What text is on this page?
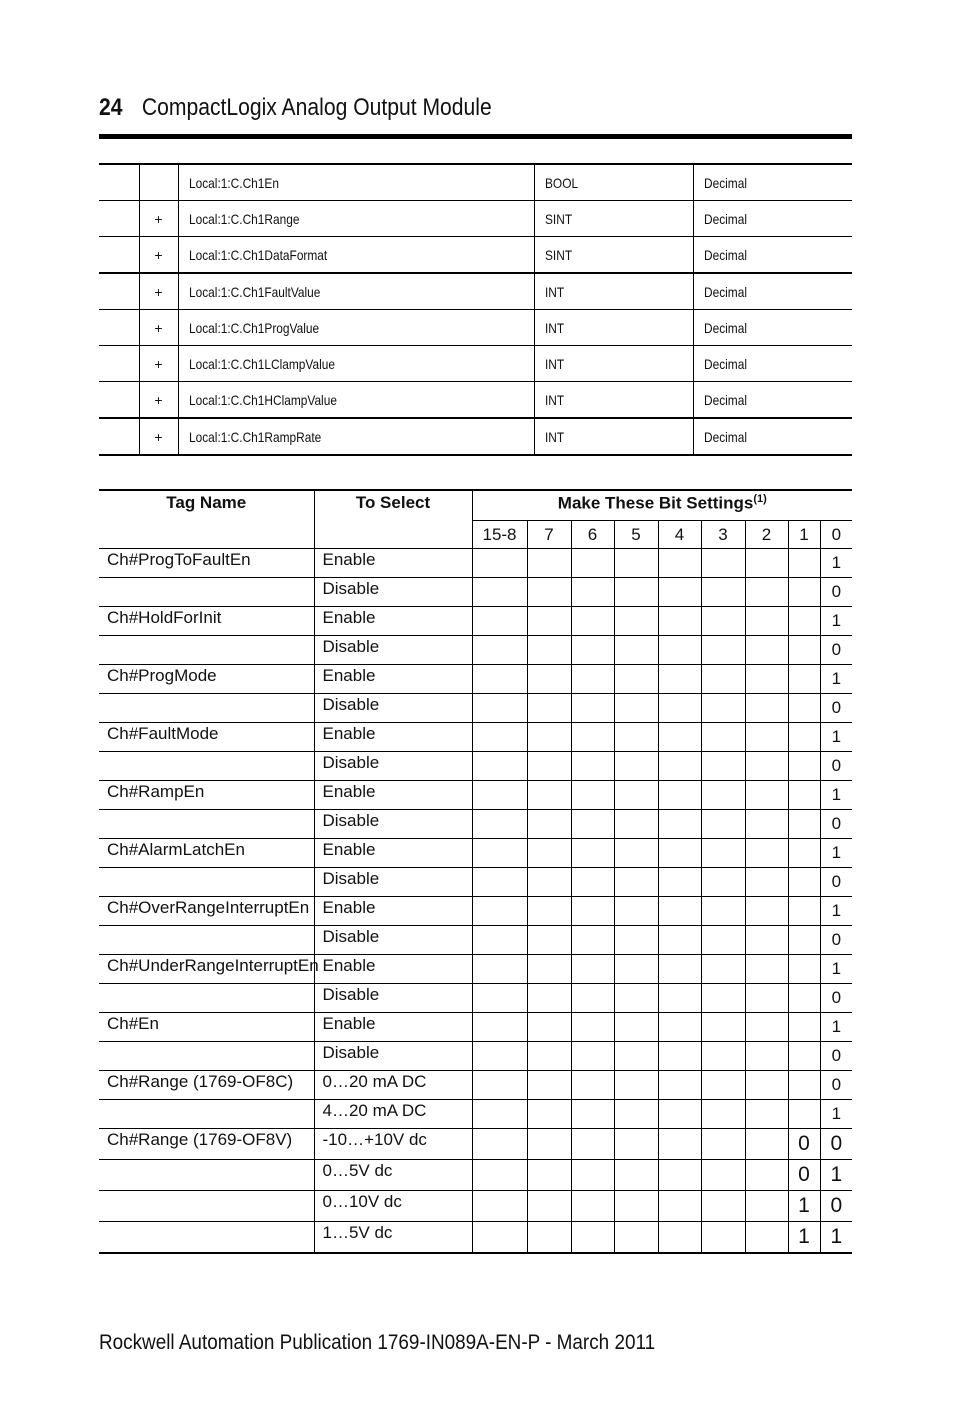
24 CompactLogix Analog Output Module
		Local:1:C.Ch1En	BOOL	Decimal
	+	Local:1:C.Ch1Range	SINT	Decimal
	+	Local:1:C.Ch1DataFormat	SINT	Decimal
	+	Local:1:C.Ch1FaultValue	INT	Decimal
	+	Local:1:C.Ch1ProgValue	INT	Decimal
	+	Local:1:C.Ch1LClampValue	INT	Decimal
	+	Local:1:C.Ch1HClampValue	INT	Decimal
	+	Local:1:C.Ch1RampRate	INT	Decimal
Tag Name	To Select	Make These Bit Settings$^{(1)}$
		15-8	7	6	5	4	3	2	1	0
Ch#ProgToFaultEn	Enable									1
	Disable									0
Ch#HoldForInit	Enable									1
	Disable									0
Ch#ProgMode	Enable									1
	Disable									0
Ch#FaultMode	Enable									1
	Disable									0
Ch#RampEn	Enable									1
	Disable									0
Ch#AlarmLatchEn	Enable									1
	Disable									0
Ch#OverRangeInterruptEn	Enable									1
	Disable									0
Ch#UnderRangeInterruptEn	Enable									1
	Disable									0
Ch#En	Enable									1
	Disable									0
Ch#Range (1769-OF8C)	0…20 mA DC									0
	4…20 mA DC									1
Ch#Range (1769-OF8V)	-10…+10V dc								0	0
	0…5V dc								0	1
	0…10V dc								1	0
	1…5V dc								1	1
Rockwell Automation Publication 1769-IN089A-EN-P - March 2011
